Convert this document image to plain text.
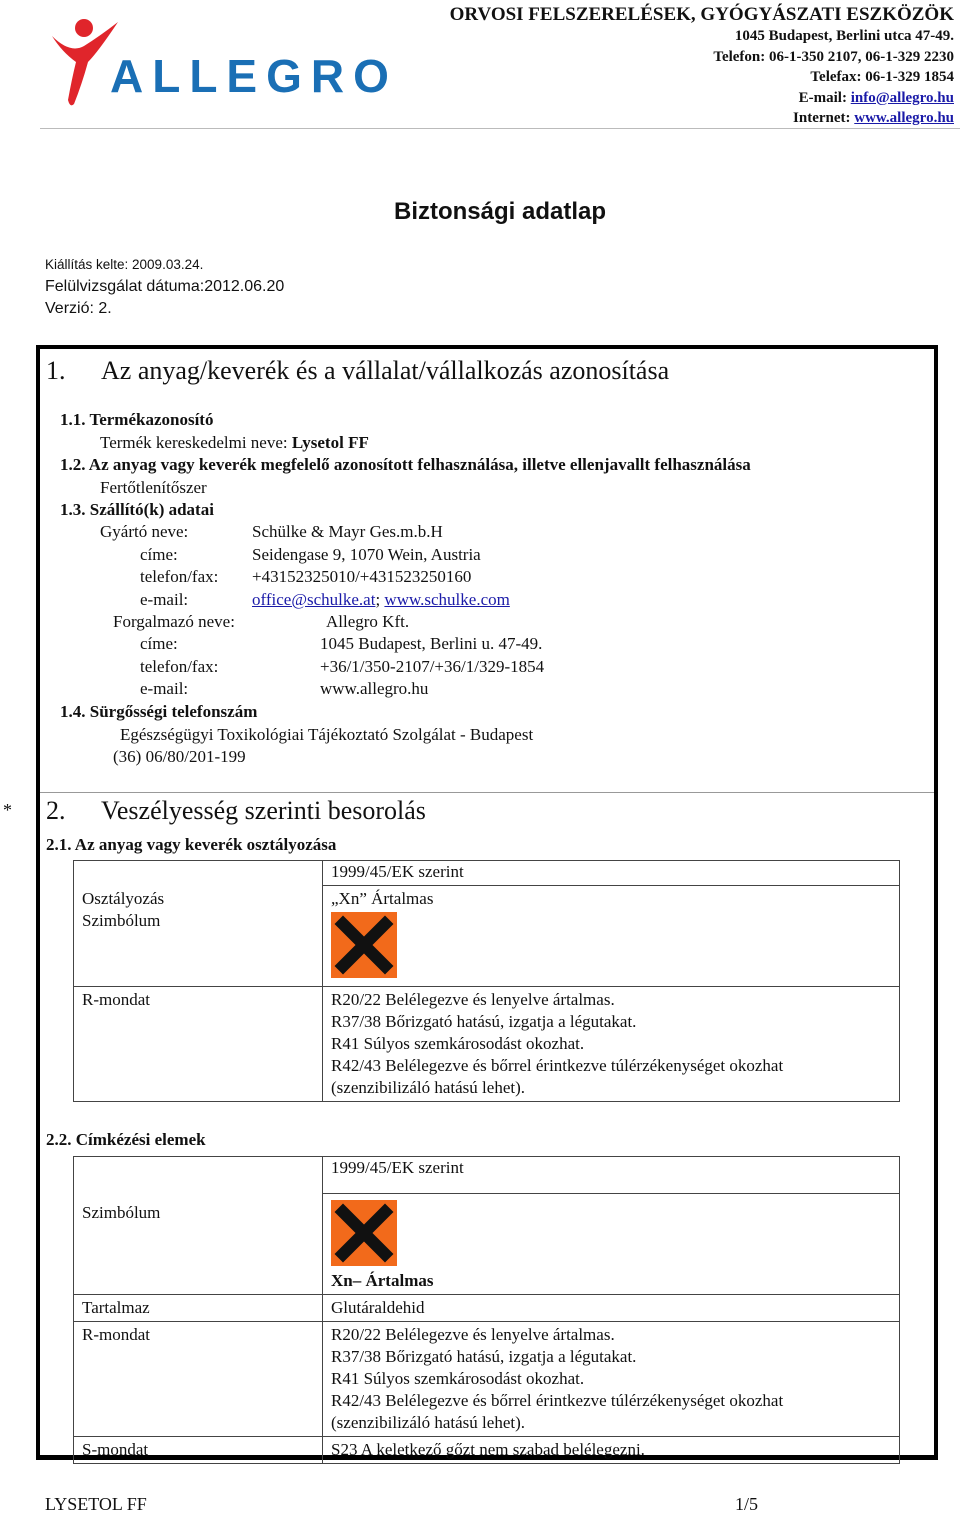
ALLEGRO
ORVOSI FELSZERELÉSEK, GYÓGYÁSZATI ESZKÖZÖK
1045 Budapest, Berlini utca 47-49.
Telefon: 06-1-350 2107, 06-1-329 2230
Telefax: 06-1-329 1854
E-mail: info@allegro.hu
Internet: www.allegro.hu
Biztonsági adatlap
Kiállítás kelte: 2009.03.24.
Felülvizsgálat dátuma:2012.06.20
Verzió: 2.
1. Az anyag/keverék és a vállalat/vállalkozás azonosítása
1.1. Termékazonosító
Termék kereskedelmi neve: Lysetol FF
1.2. Az anyag vagy keverék megfelelő azonosított felhasználása, illetve ellenjavallt felhasználása
Fertőtlenítőszer
1.3. Szállító(k) adatai
Gyártó neve:	Schülke & Mayr Ges.m.b.H
címe:	Seidengase 9, 1070 Wein, Austria
telefon/fax: +43152325010/+431523250160
e-mail:	office@schulke.at; www.schulke.com
Forgalmazó neve:	Allegro Kft.
címe:	1045 Budapest, Berlini u. 47-49.
telefon/fax:	+36/1/350-2107/+36/1/329-1854
e-mail:	www.allegro.hu
1.4. Sürgősségi telefonszám
Egészségügyi Toxikológiai Tájékoztató Szolgálat - Budapest
(36) 06/80/201-199
* 2. Veszélyesség szerinti besorolás
2.1. Az anyag vagy keverék osztályozása
	1999/45/EK szerint

Osztályozás
Szimbólum	„Xn” Ártalmas

R-mondat	R20/22 Belélegezve és lenyelve ártalmas.
R37/38 Bőrizgató hatású, izgatja a légutakat.
R41 Súlyos szemkárosodást okozhat.
R42/43 Belélegezve és bőrrel érintkezve túlérzékenységet okozhat
(szenzibilizáló hatású lehet).
2.2. Címkézési elemek
	1999/45/EK szerint
Szimbólum	Xn– Ártalmas

Tartalmaz	Glutáraldehid
R-mondat	R20/22 Belélegezve és lenyelve ártalmas.
R37/38 Bőrizgató hatású, izgatja a légutakat.
R41 Súlyos szemkárosodást okozhat.
R42/43 Belélegezve és bőrrel érintkezve túlérzékenységet okozhat
(szenzibilizáló hatású lehet).

S-mondat	S23 A keletkező gőzt nem szabad belélegezni.
LYSETOL FF	1/5
